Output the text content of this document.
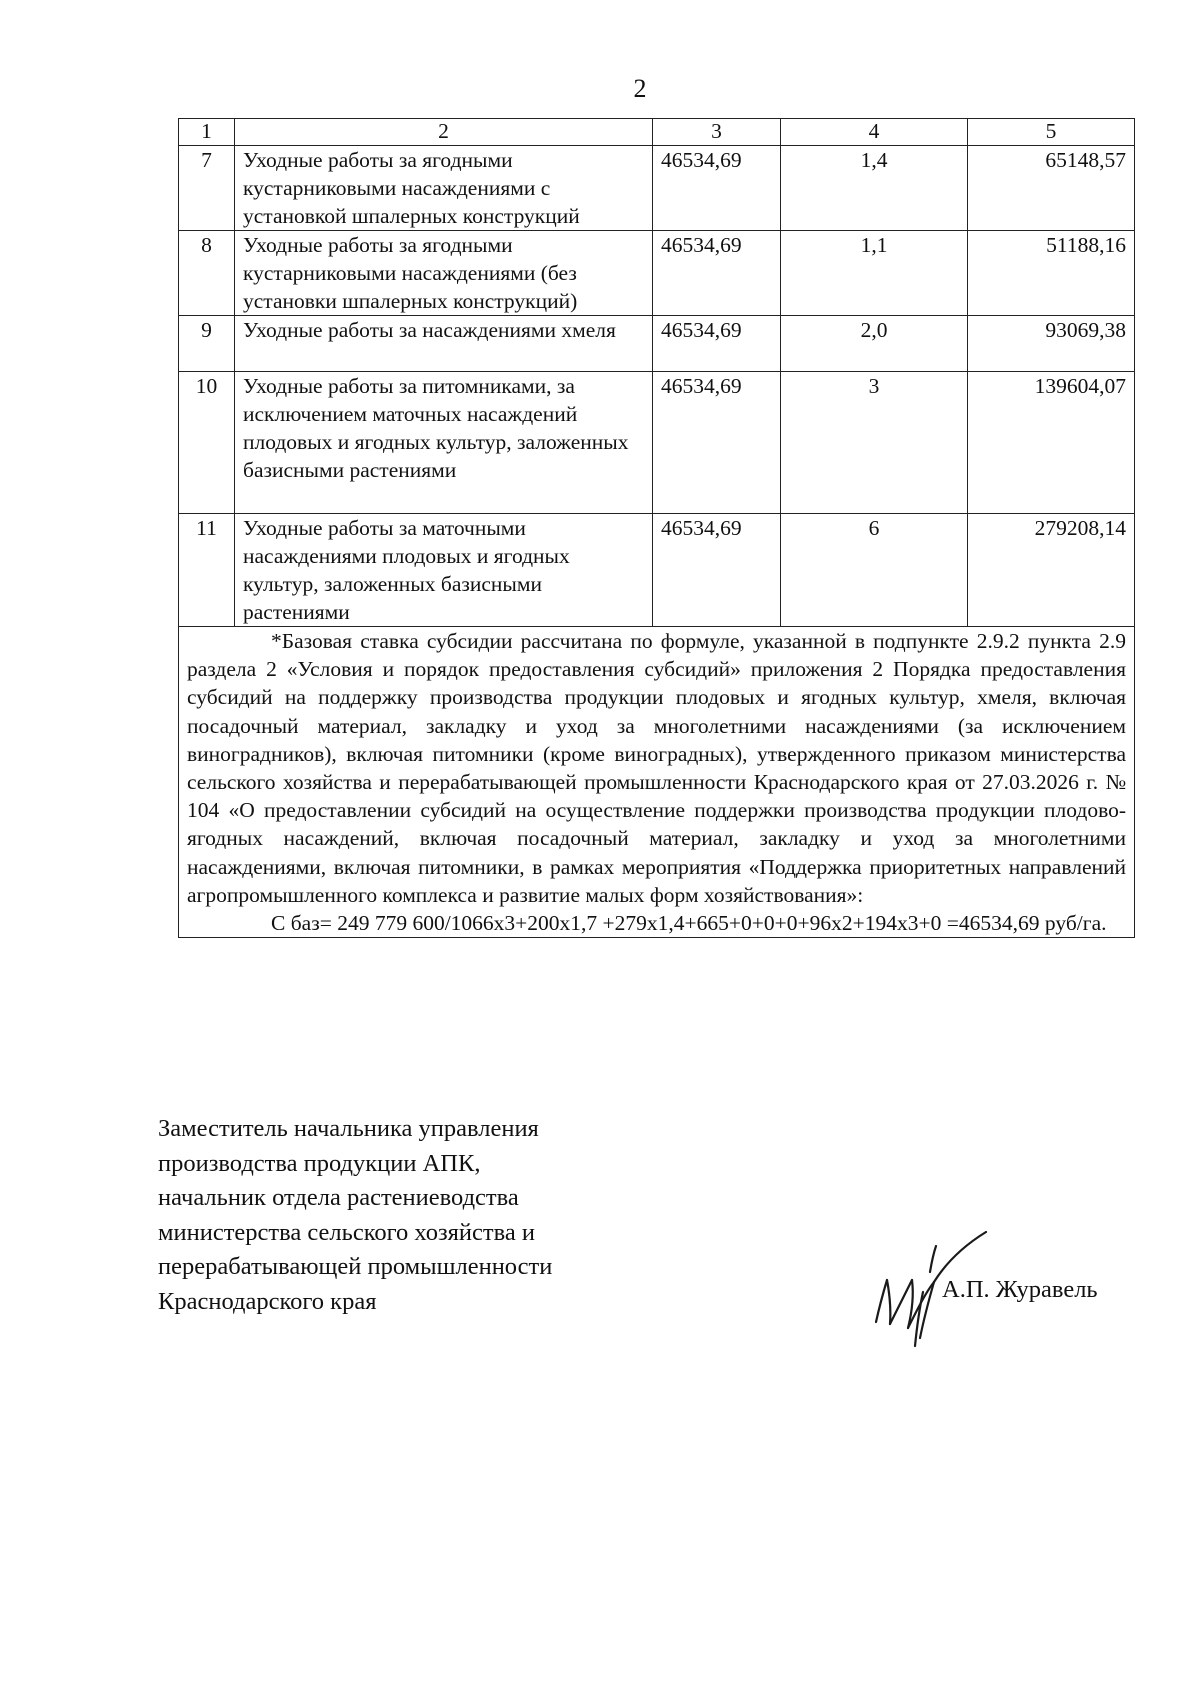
2
1	2	3	4	5
7	Уходные работы за ягодными кустарниковыми насаждениями с установкой шпалерных конструкций	46534,69	1,4	65148,57
8	Уходные работы за ягодными кустарниковыми насаждениями (без установки шпалерных конструкций)	46534,69	1,1	51188,16
9	Уходные работы за насаждениями хмеля	46534,69	2,0	93069,38
10	Уходные работы за питомниками, за исключением маточных насаждений плодовых и ягодных культур, заложенных базисными растениями	46534,69	3	139604,07
11	Уходные работы за маточными насаждениями плодовых и ягодных культур, заложенных базисными растениями	46534,69	6	279208,14

*Базовая ставка субсидии рассчитана по формуле, указанной в подпункте 2.9.2 пункта 2.9 раздела 2 «Условия и порядок предоставления субсидий» приложения 2 Порядка предоставления субсидий на поддержку производства продукции плодовых и ягодных культур, хмеля, включая посадочный материал, закладку и уход за многолетними насаждениями (за исключением виноградников), включая питомники (кроме виноградных), утвержденного приказом министерства сельского хозяйства и перерабатывающей промышленности Краснодарского края от 27.03.2026 г. № 104 «О предоставлении субсидий на осуществление поддержки производства продукции плодово-ягодных насаждений, включая посадочный материал, закладку и уход за многолетними насаждениями, включая питомники, в рамках мероприятия «Поддержка приоритетных направлений агропромышленного комплекса и развитие малых форм хозяйствования»:

С баз= 249 779 600/1066x3+200x1,7 +279x1,4+665+0+0+0+96x2+194x3+0 =46534,69 руб/га.				

Заместитель начальника управления
производства продукции АПК,
начальник отдела растениеводства
министерства сельского хозяйства и
перерабатывающей промышленности
Краснодарского края	А.П. Журавель
